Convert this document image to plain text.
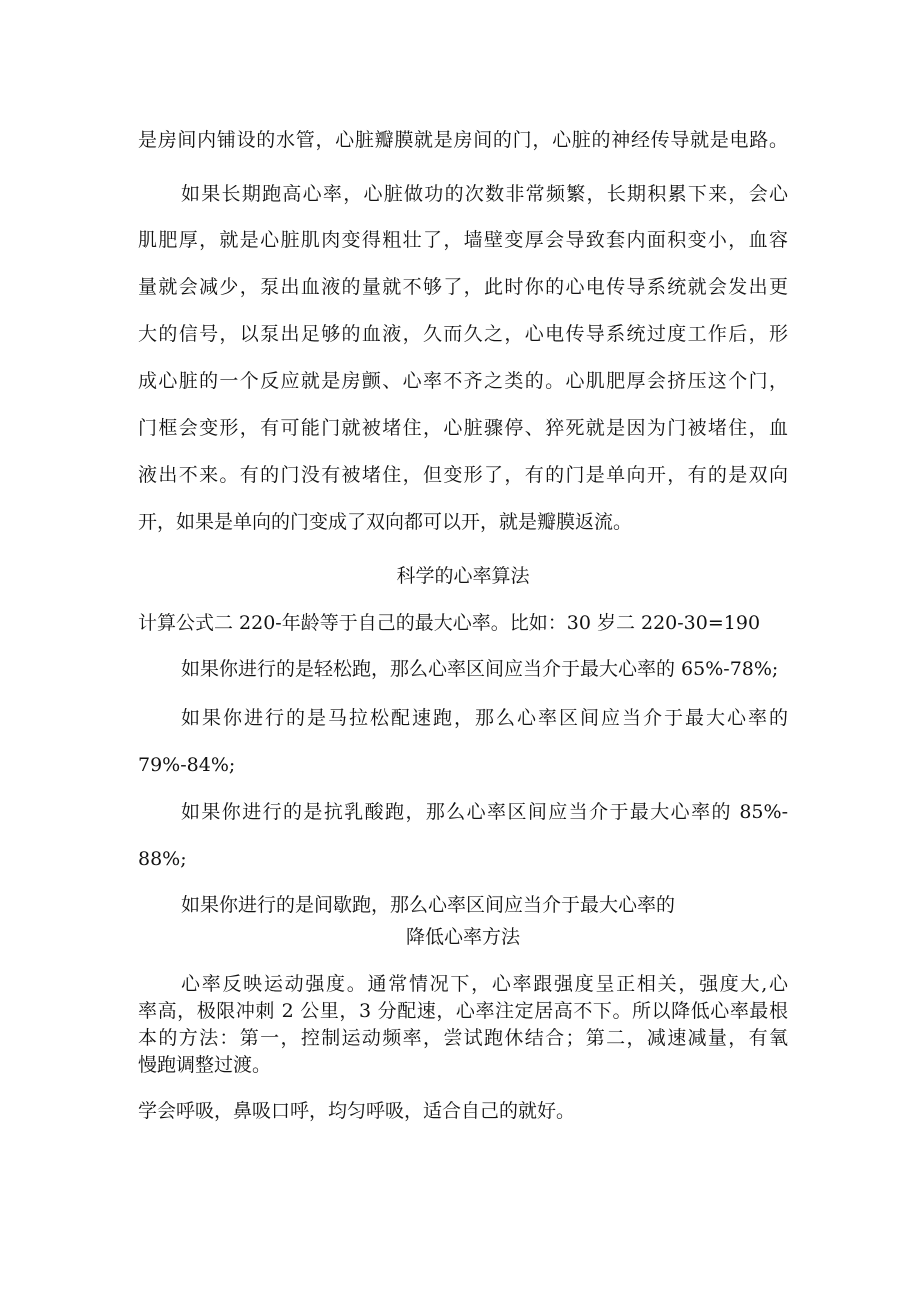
是房间内铺设的水管，心脏瓣膜就是房间的门，心脏的神经传导就是电路。
如果长期跑高心率，心脏做功的次数非常频繁，长期积累下来，会心
肌肥厚，就是心脏肌肉变得粗壮了，墙壁变厚会导致套内面积变小，血容
量就会减少，泵出血液的量就不够了，此时你的心电传导系统就会发出更
大的信号，以泵出足够的血液，久而久之，心电传导系统过度工作后，形
成心脏的一个反应就是房颤、心率不齐之类的。心肌肥厚会挤压这个门，
门框会变形，有可能门就被堵住，心脏骤停、猝死就是因为门被堵住，血
液出不来。有的门没有被堵住，但变形了，有的门是单向开，有的是双向
开，如果是单向的门变成了双向都可以开，就是瓣膜返流。
科学的心率算法
计算公式二 220-年龄等于自己的最大心率。比如：30 岁二 220-30=190
如果你进行的是轻松跑，那么心率区间应当介于最大心率的 65%-78%;
如果你进行的是马拉松配速跑，那么心率区间应当介于最大心率的
79%-84%;
如果你进行的是抗乳酸跑，那么心率区间应当介于最大心率的 85%-
88%;
如果你进行的是间歇跑，那么心率区间应当介于最大心率的
降低心率方法
心率反映运动强度。通常情况下，心率跟强度呈正相关，强度大,心
率高，极限冲刺 2 公里，3 分配速，心率注定居高不下。所以降低心率最根
本的方法：第一，控制运动频率，尝试跑休结合；第二，减速减量，有氧
慢跑调整过渡。
学会呼吸，鼻吸口呼，均匀呼吸，适合自己的就好。
